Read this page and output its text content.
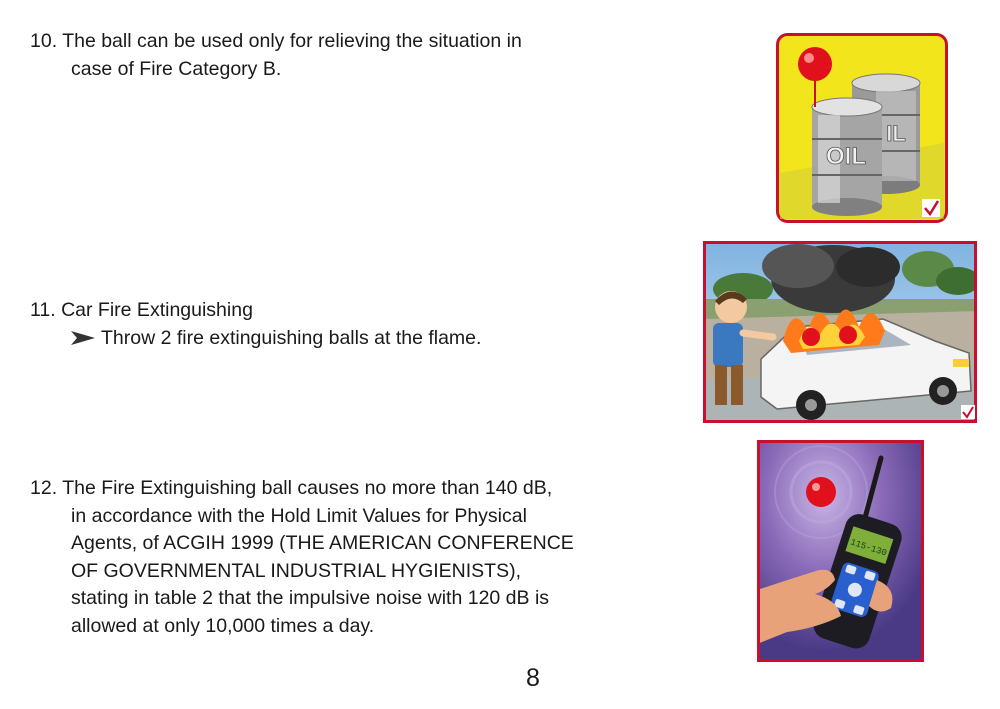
10. The ball can be used only for relieving the situation in
case of Fire Category B.
11. Car Fire Extinguishing
Throw 2 fire extinguishing balls at the flame.
12. The Fire Extinguishing ball causes no more than 140 dB,
in accordance with the Hold Limit Values for Physical
Agents, of ACGIH 1999 (THE AMERICAN CONFERENCE
OF GOVERNMENTAL INDUSTRIAL HYGIENISTS),
stating in table 2 that the impulsive noise with 120 dB is
allowed at only 10,000 times a day.
IL
OIL
115-130
8
